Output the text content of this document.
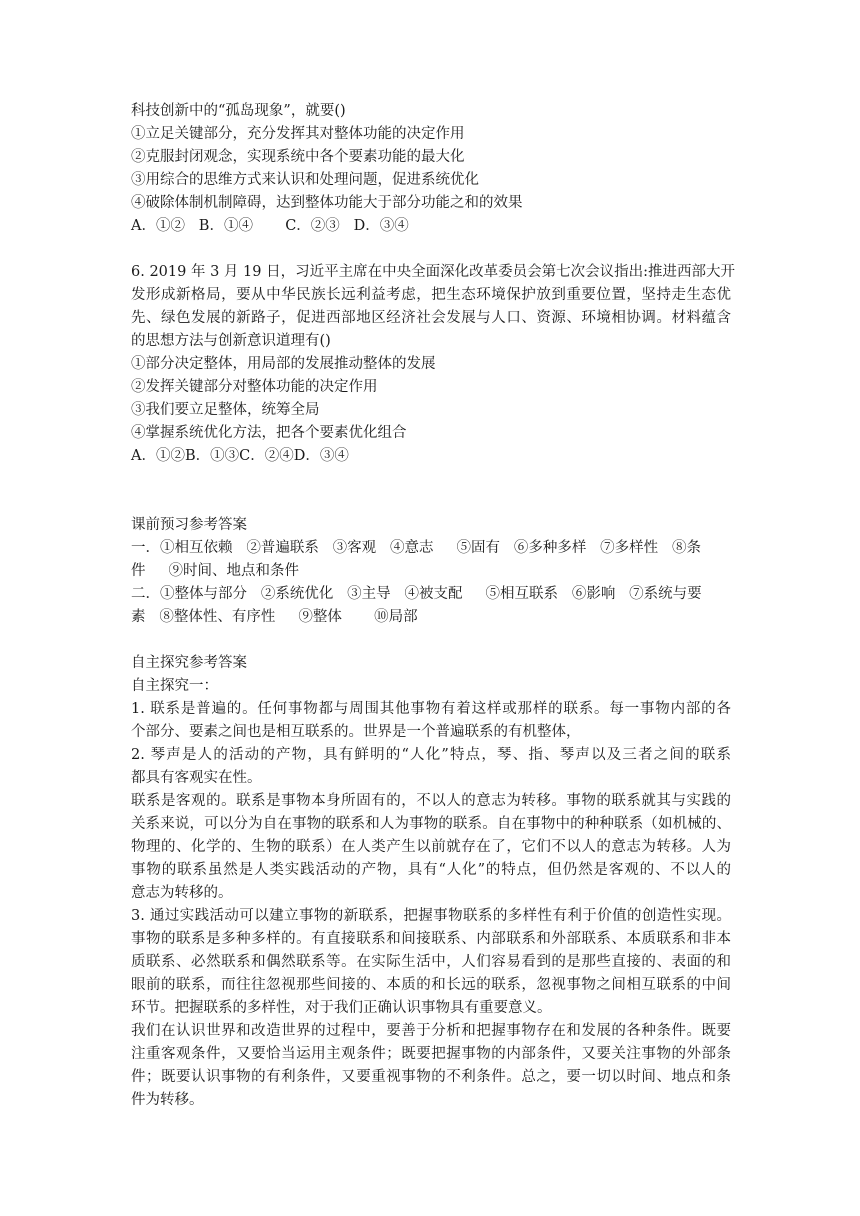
科技创新中的“孤岛现象”，就要()
①立足关键部分，充分发挥其对整体功能的决定作用
②克服封闭观念，实现系统中各个要素功能的最大化
③用综合的思维方式来认识和处理问题，促进系统优化
④破除体制机制障碍，达到整体功能大于部分功能之和的效果
A．①②   B．①④       C．②③   D．③④
6. 2019 年 3 月 19 日，习近平主席在中央全面深化改革委员会第七次会议指出:推进西部大开
发形成新格局，要从中华民族长远利益考虑，把生态环境保护放到重要位置，坚持走生态优
先、绿色发展的新路子，促进西部地区经济社会发展与人口、资源、环境相协调。材料蕴含
的思想方法与创新意识道理有()
①部分决定整体，用局部的发展推动整体的发展
②发挥关键部分对整体功能的决定作用
③我们要立足整体，统筹全局
④掌握系统优化方法，把各个要素优化组合
A．①②B．①③C．②④D．③④
课前预习参考答案
一．①相互依赖   ②普遍联系   ③客观   ④意志     ⑤固有   ⑥多种多样   ⑦多样性   ⑧条
件     ⑨时间、地点和条件
二．①整体与部分   ②系统优化   ③主导   ④被支配     ⑤相互联系   ⑥影响   ⑦系统与要
素   ⑧整体性、有序性     ⑨整体       ⑩局部
自主探究参考答案
自主探究一：
1. 联系是普遍的。任何事物都与周围其他事物有着这样或那样的联系。每一事物内部的各
个部分、要素之间也是相互联系的。世界是一个普遍联系的有机整体，
2. 琴声是人的活动的产物，具有鲜明的“人化”特点，琴、指、琴声以及三者之间的联系
都具有客观实在性。
联系是客观的。联系是事物本身所固有的，不以人的意志为转移。事物的联系就其与实践的
关系来说，可以分为自在事物的联系和人为事物的联系。自在事物中的种种联系（如机械的、
物理的、化学的、生物的联系）在人类产生以前就存在了，它们不以人的意志为转移。人为
事物的联系虽然是人类实践活动的产物，具有“人化”的特点，但仍然是客观的、不以人的
意志为转移的。
3. 通过实践活动可以建立事物的新联系，把握事物联系的多样性有利于价值的创造性实现。
事物的联系是多种多样的。有直接联系和间接联系、内部联系和外部联系、本质联系和非本
质联系、必然联系和偶然联系等。在实际生活中，人们容易看到的是那些直接的、表面的和
眼前的联系，而往往忽视那些间接的、本质的和长远的联系，忽视事物之间相互联系的中间
环节。把握联系的多样性，对于我们正确认识事物具有重要意义。
我们在认识世界和改造世界的过程中，要善于分析和把握事物存在和发展的各种条件。既要
注重客观条件，又要恰当运用主观条件；既要把握事物的内部条件，又要关注事物的外部条
件；既要认识事物的有利条件，又要重视事物的不利条件。总之，要一切以时间、地点和条
件为转移。
